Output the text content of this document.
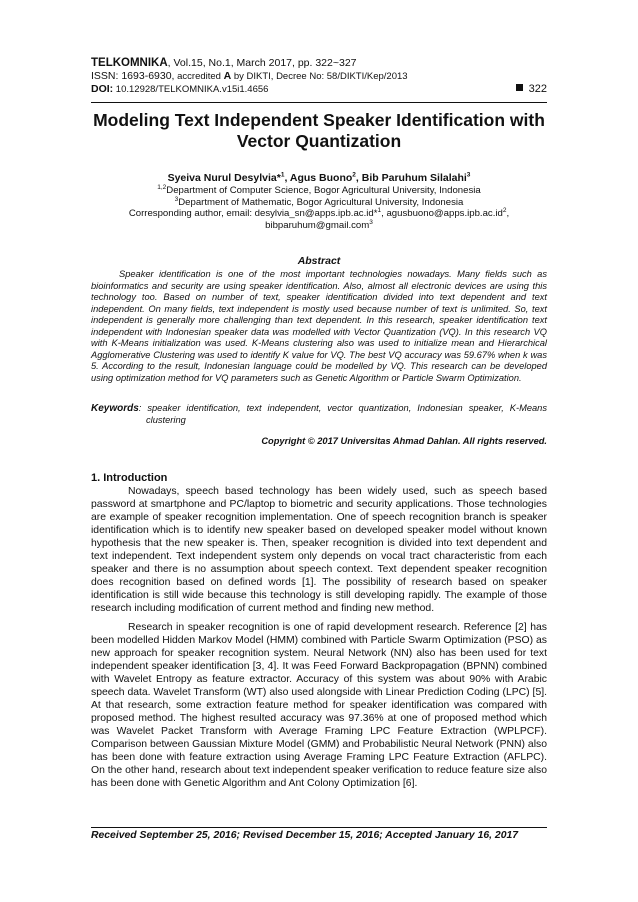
TELKOMNIKA, Vol.15, No.1, March 2017, pp. 322~327
ISSN: 1693-6930, accredited A by DIKTI, Decree No: 58/DIKTI/Kep/2013
DOI: 10.12928/TELKOMNIKA.v15i1.4656	322
Modeling Text Independent Speaker Identification with
Vector Quantization
Syeiva Nurul Desylvia*$^1$, Agus Buono$^2$, Bib Paruhum Silalahi$^3$
$^{1,2}$Department of Computer Science, Bogor Agricultural University, Indonesia
$^3$Department of Mathematic, Bogor Agricultural University, Indonesia
Corresponding author, email: desylvia_sn@apps.ipb.ac.id*$^1$, $agusbuono@apps.ipb.ac.id^2$,
bibparuhum@gmail.com$^3$
Abstract

Speaker identification is one of the most important technologies nowadays. Many fields such as bioinformatics and security are using speaker identification. Also, almost all electronic devices are using this technology too. Based on number of text, speaker identification divided into text dependent and text independent. On many fields, text independent is mostly used because number of text is unlimited. So, text independent is generally more challenging than text dependent. In this research, speaker identification text independent with Indonesian speaker data was modelled with Vector Quantization (VQ). In this research VQ with K-Means initialization was used. K-Means clustering also was used to initialize mean and Hierarchical Agglomerative Clustering was used to identify K value for VQ. The best VQ accuracy was 59.67% when k was 5. According to the result, Indonesian language could be modelled by VQ. This research can be developed using optimization method for VQ parameters such as Genetic Algorithm or Particle Swarm Optimization.

Keywords: speaker identification, text independent, vector quantization, Indonesian speaker, K-Means clustering
Copyright © 2017 Universitas Ahmad Dahlan. All rights reserved.
1. Introduction

Nowadays, speech based technology has been widely used, such as speech based password at smartphone and PC/laptop to biometric and security applications. Those technologies are example of speaker recognition implementation. One of speech recognition branch is speaker identification which is to identify new speaker based on developed speaker model without known hypothesis that the new speaker is. Then, speaker recognition is divided into text dependent and text independent. Text independent system only depends on vocal tract characteristic from each speaker and there is no assumption about speech context. Text dependent speaker recognition does recognition based on defined words [1]. The possibility of research based on speaker identification is still wide because this technology is still developing rapidly. The example of those research including modification of current method and finding new method.

Research in speaker recognition is one of rapid development research. Reference [2] has been modelled Hidden Markov Model (HMM) combined with Particle Swarm Optimization (PSO) as new approach for speaker recognition system. Neural Network (NN) also has been used for text independent speaker identification [3, 4]. It was Feed Forward Backpropagation (BPNN) combined with Wavelet Entropy as feature extractor. Accuracy of this system was about 90% with Arabic speech data. Wavelet Transform (WT) also used alongside with Linear Prediction Coding (LPC) [5]. At that research, some extraction feature method for speaker identification was compared with proposed method. The highest resulted accuracy was 97.36% at one of proposed method which was Wavelet Packet Transform with Average Framing LPC Feature Extraction (WPLPCF). Comparison between Gaussian Mixture Model (GMM) and Probabilistic Neural Network (PNN) also has been done with feature extraction using Average Framing LPC Feature Extraction (AFLPC). On the other hand, research about text independent speaker verification to reduce feature size also has been done with Genetic Algorithm and Ant Colony Optimization [6].

Received September 25, 2016; Revised December 15, 2016; Accepted January 16, 2017
